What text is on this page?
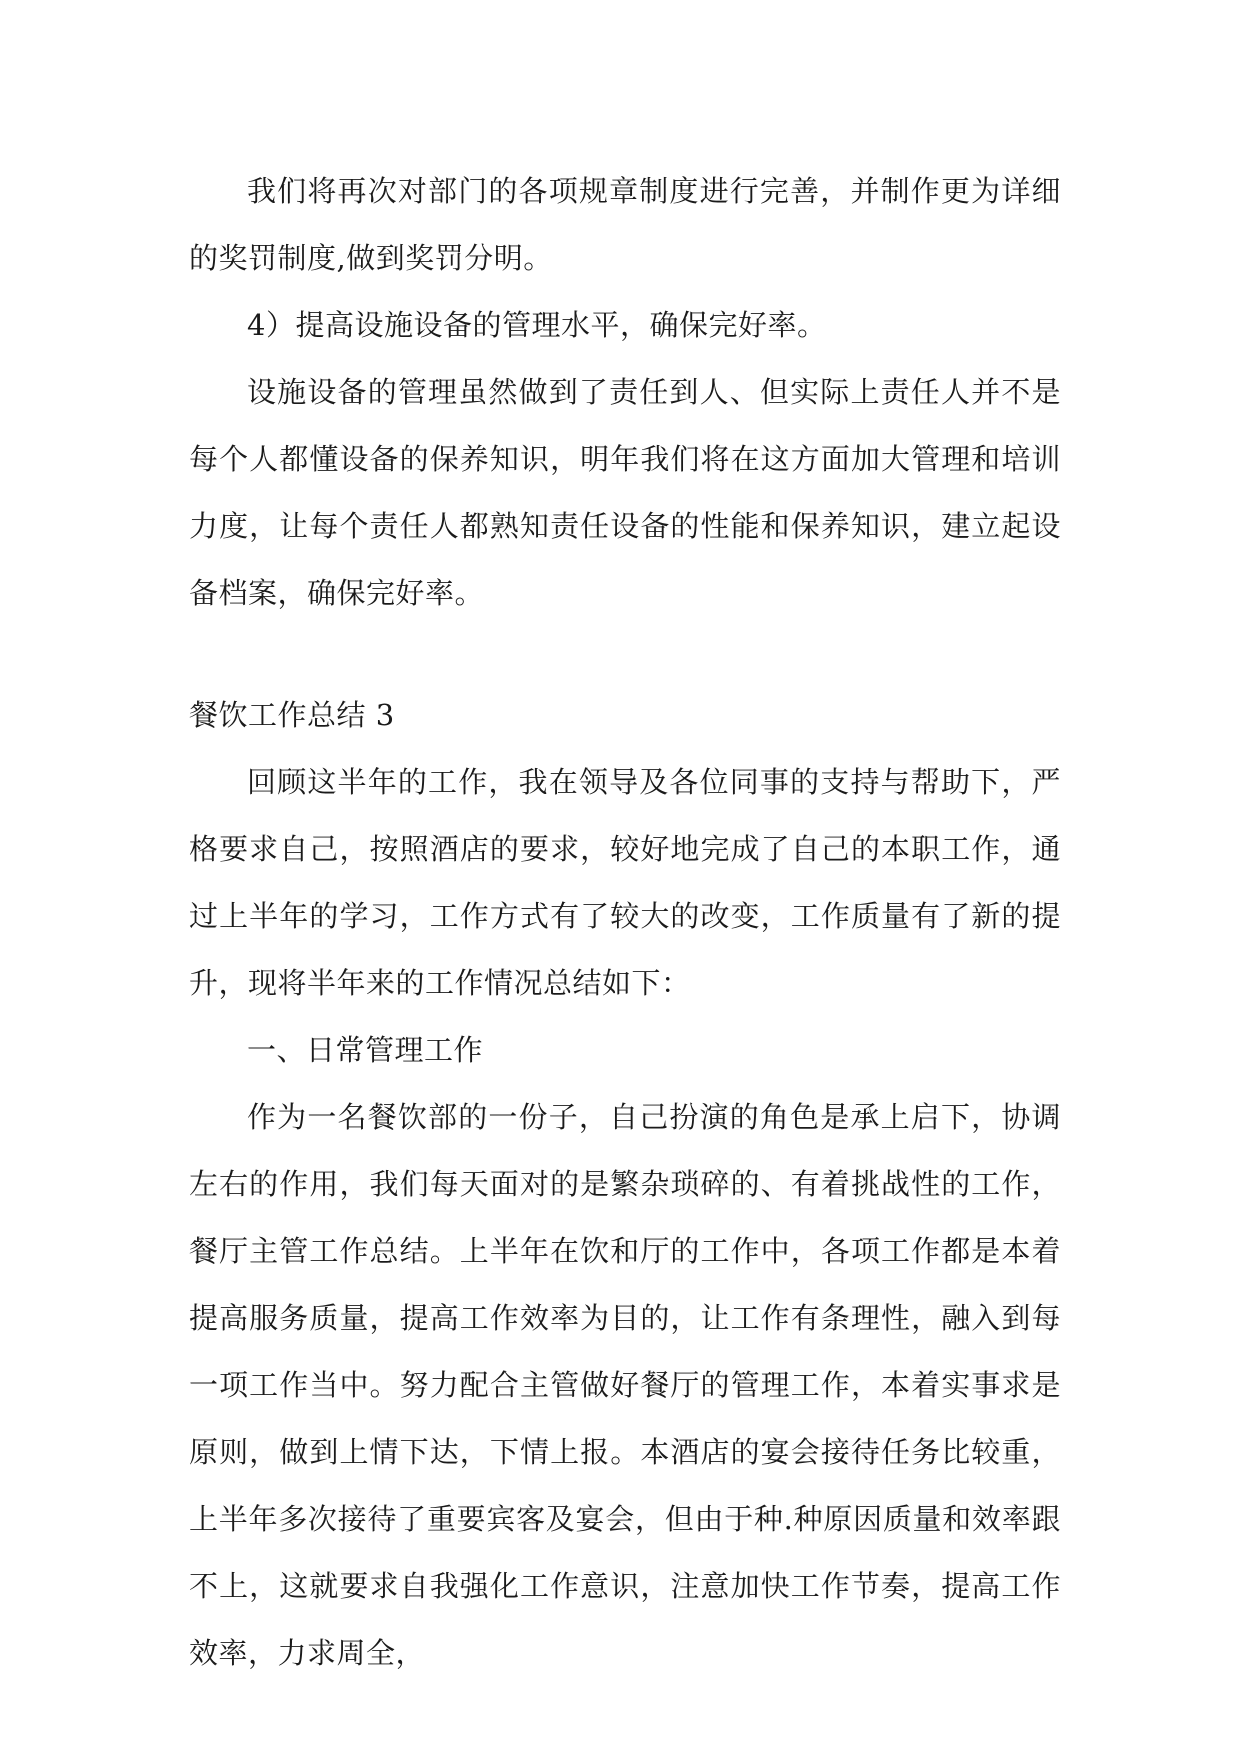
我们将再次对部门的各项规章制度进行完善，并制作更为详细的奖罚制度,做到奖罚分明。

4）提高设施设备的管理水平，确保完好率。

设施设备的管理虽然做到了责任到人、但实际上责任人并不是每个人都懂设备的保养知识，明年我们将在这方面加大管理和培训力度，让每个责任人都熟知责任设备的性能和保养知识，建立起设备档案，确保完好率。

餐饮工作总结 3

回顾这半年的工作，我在领导及各位同事的支持与帮助下，严格要求自己，按照酒店的要求，较好地完成了自己的本职工作，通过上半年的学习，工作方式有了较大的改变，工作质量有了新的提升，现将半年来的工作情况总结如下：

一、日常管理工作

作为一名餐饮部的一份子，自己扮演的角色是承上启下，协调左右的作用，我们每天面对的是繁杂琐碎的、有着挑战性的工作，餐厅主管工作总结。上半年在饮和厅的工作中，各项工作都是本着提高服务质量，提高工作效率为目的，让工作有条理性，融入到每一项工作当中。努力配合主管做好餐厅的管理工作，本着实事求是原则，做到上情下达，下情上报。本酒店的宴会接待任务比较重，上半年多次接待了重要宾客及宴会，但由于种.种原因质量和效率跟不上，这就要求自我强化工作意识，注意加快工作节奏，提高工作效率，力求周全，
